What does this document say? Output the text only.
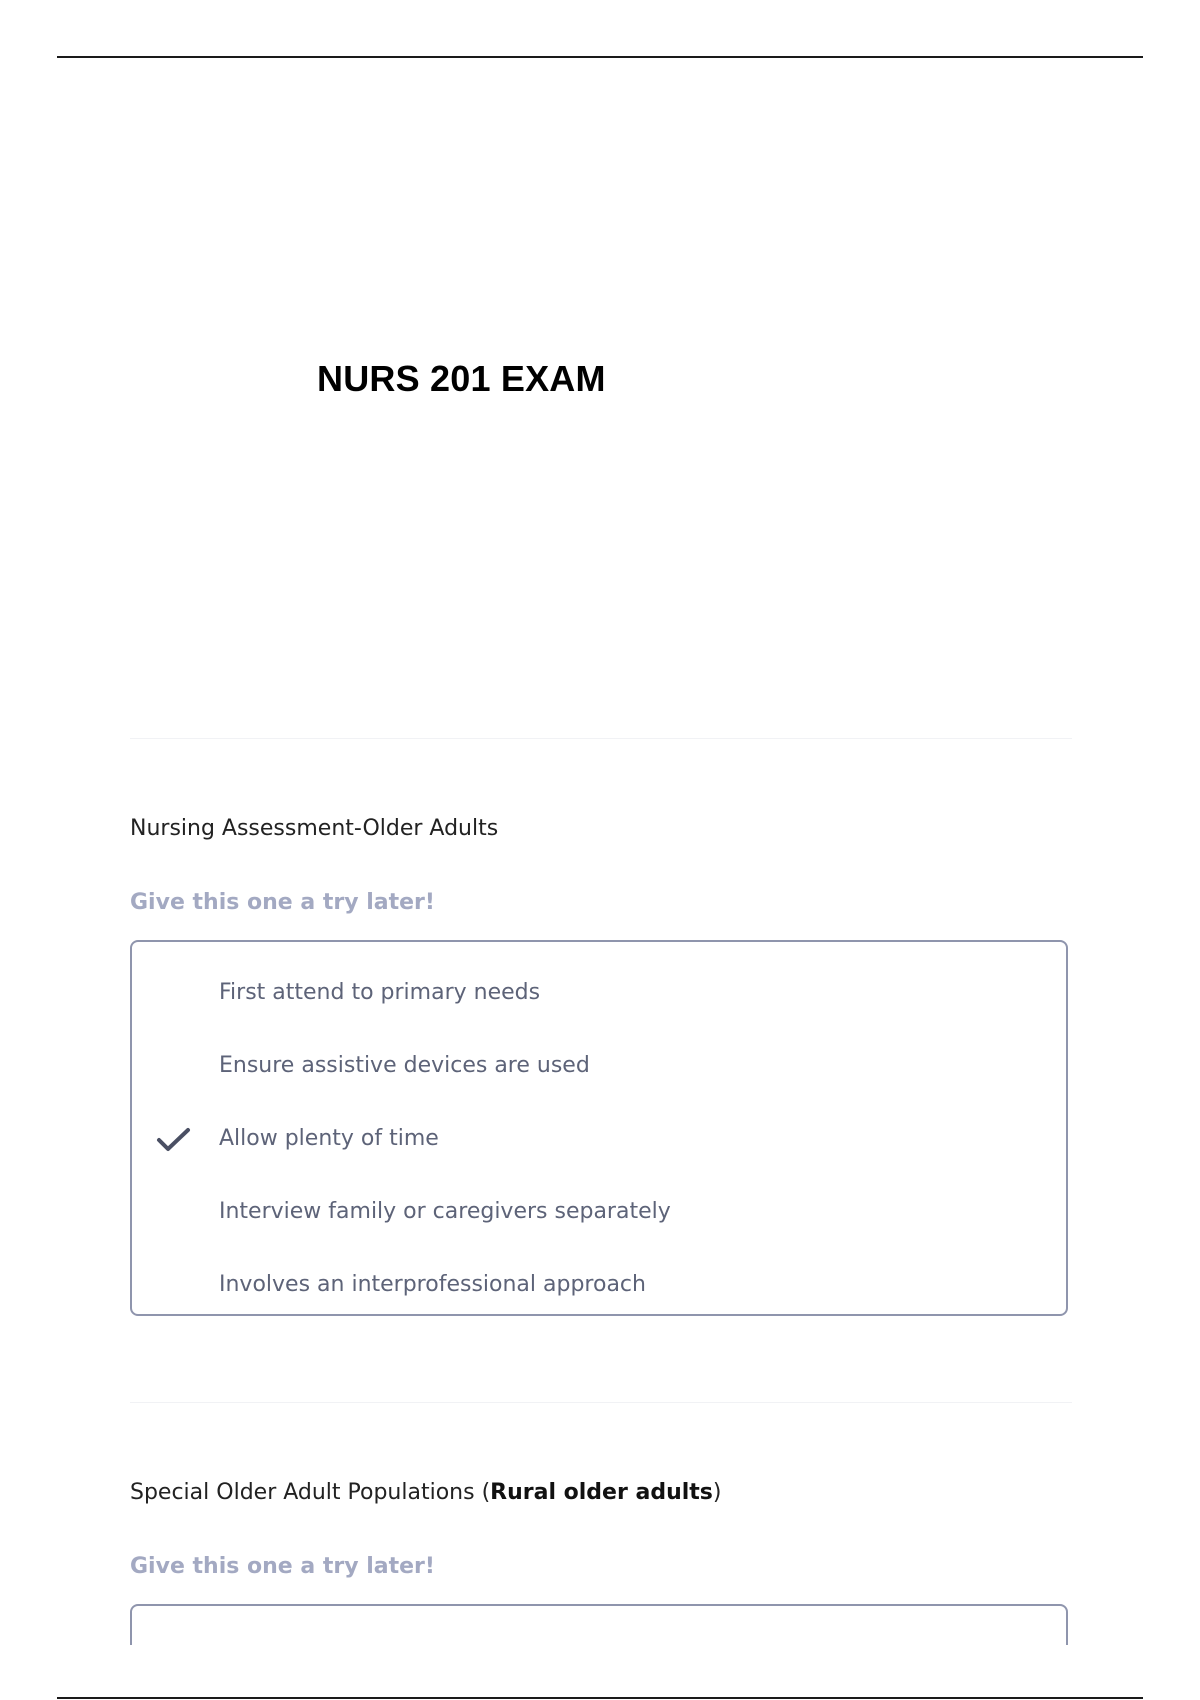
NURS 201 EXAM
Nursing Assessment-Older Adults

Give this one a try later!

First attend to primary needs
Ensure assistive devices are used
Allow plenty of time
Interview family or caregivers separately
Involves an interprofessional approach
Special Older Adult Populations (Rural older adults)

Give this one a try later!
